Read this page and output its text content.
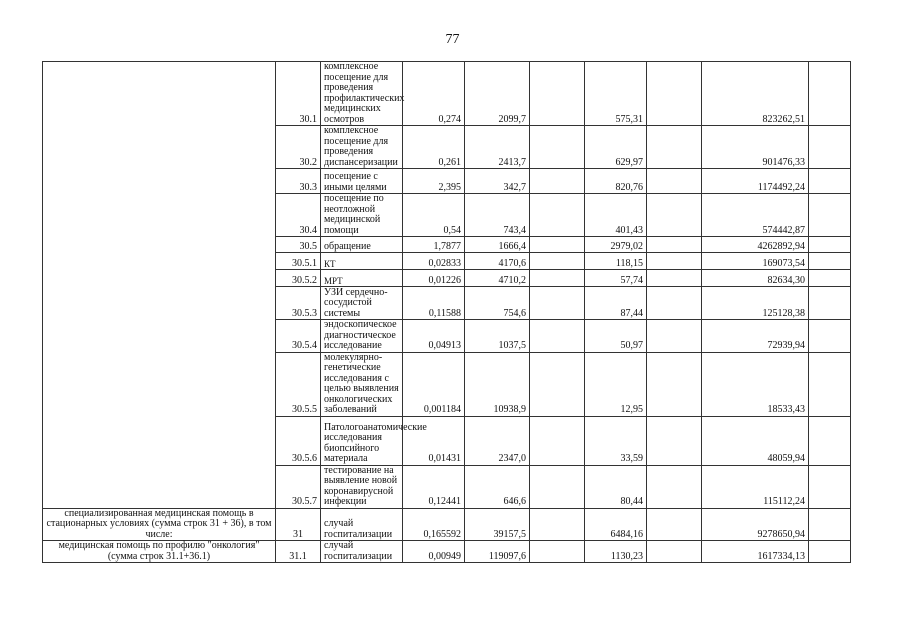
77
	30.1	комплексное посещение для проведения профилактических медицинских осмотров	0,274	2099,7		575,31		823262,51	
	30.2	комплексное посещение для проведения диспансеризации	0,261	2413,7		629,97		901476,33	
	30.3	посещение с иными целями	2,395	342,7		820,76		1174492,24	
	30.4	посещение по неотложной медицинской помощи	0,54	743,4		401,43		574442,87	
	30.5	обращение	1,7877	1666,4		2979,02		4262892,94	
	30.5.1	КТ	0,02833	4170,6		118,15		169073,54	
	30.5.2	МРТ	0,01226	4710,2		57,74		82634,30	
	30.5.3	УЗИ сердечно-сосудистой системы	0,11588	754,6		87,44		125128,38	
	30.5.4	эндоскопическое диагностическое исследование	0,04913	1037,5		50,97		72939,94	
	30.5.5	молекулярно-генетические исследования с целью выявления онкологических заболеваний	0,001184	10938,9		12,95		18533,43	
	30.5.6	Патологоанатомические исследования биопсийного материала	0,01431	2347,0		33,59		48059,94	
	30.5.7	тестирование на выявление новой коронавирусной инфекции	0,12441	646,6		80,44		115112,24	
специализированная медицинская помощь в стационарных условиях (сумма строк 31 + 36), в том числе:	31	случай госпитализации	0,165592	39157,5		6484,16		9278650,94	
медицинская помощь по профилю "онкология" (сумма строк 31.1+36.1)	31.1	случай госпитализации	0,00949	119097,6		1130,23		1617334,13	
